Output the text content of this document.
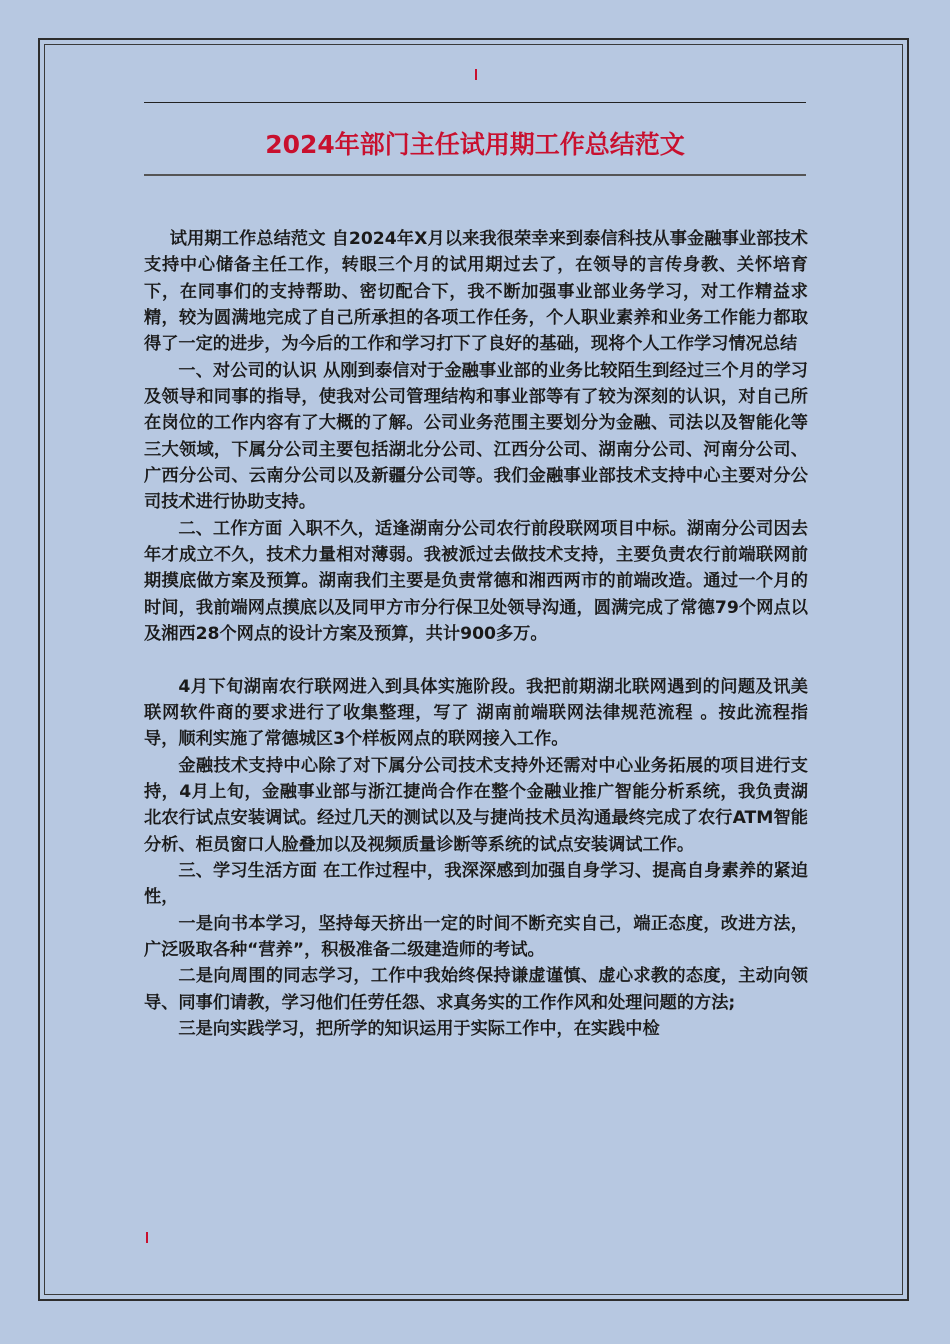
2024年部门主任试用期工作总结范文

试用期工作总结范文 自2024年X月以来我很荣幸来到泰信科技从事金融事业部技术支持中心储备主任工作，转眼三个月的试用期过去了，在领导的言传身教、关怀培育下，在同事们的支持帮助、密切配合下，我不断加强事业部业务学习，对工作精益求精，较为圆满地完成了自己所承担的各项工作任务，个人职业素养和业务工作能力都取得了一定的进步，为今后的工作和学习打下了良好的基础，现将个人工作学习情况总结

一、对公司的认识 从刚到泰信对于金融事业部的业务比较陌生到经过三个月的学习及领导和同事的指导，使我对公司管理结构和事业部等有了较为深刻的认识，对自己所在岗位的工作内容有了大概的了解。公司业务范围主要划分为金融、司法以及智能化等三大领域，下属分公司主要包括湖北分公司、江西分公司、湖南分公司、河南分公司、广西分公司、云南分公司以及新疆分公司等。我们金融事业部技术支持中心主要对分公司技术进行协助支持。

二、工作方面 入职不久，适逢湖南分公司农行前段联网项目中标。湖南分公司因去年才成立不久，技术力量相对薄弱。我被派过去做技术支持，主要负责农行前端联网前期摸底做方案及预算。湖南我们主要是负责常德和湘西两市的前端改造。通过一个月的时间，我前端网点摸底以及同甲方市分行保卫处领导沟通，圆满完成了常德79个网点以及湘西28个网点的设计方案及预算，共计900多万。

4月下旬湖南农行联网进入到具体实施阶段。我把前期湖北联网遇到的问题及讯美联网软件商的要求进行了收集整理，写了 湖南前端联网法律规范流程 。按此流程指导，顺利实施了常德城区3个样板网点的联网接入工作。

金融技术支持中心除了对下属分公司技术支持外还需对中心业务拓展的项目进行支持，4月上旬，金融事业部与浙江捷尚合作在整个金融业推广智能分析系统，我负责湖北农行试点安装调试。经过几天的测试以及与捷尚技术员沟通最终完成了农行ATM智能分析、柜员窗口人脸叠加以及视频质量诊断等系统的试点安装调试工作。

三、学习生活方面 在工作过程中，我深深感到加强自身学习、提高自身素养的紧迫性，

一是向书本学习，坚持每天挤出一定的时间不断充实自己，端正态度，改进方法，广泛吸取各种“营养”，积极准备二级建造师的考试。

二是向周围的同志学习，工作中我始终保持谦虚谨慎、虚心求教的态度，主动向领导、同事们请教，学习他们任劳任怨、求真务实的工作作风和处理问题的方法;

三是向实践学习，把所学的知识运用于实际工作中，在实践中检
